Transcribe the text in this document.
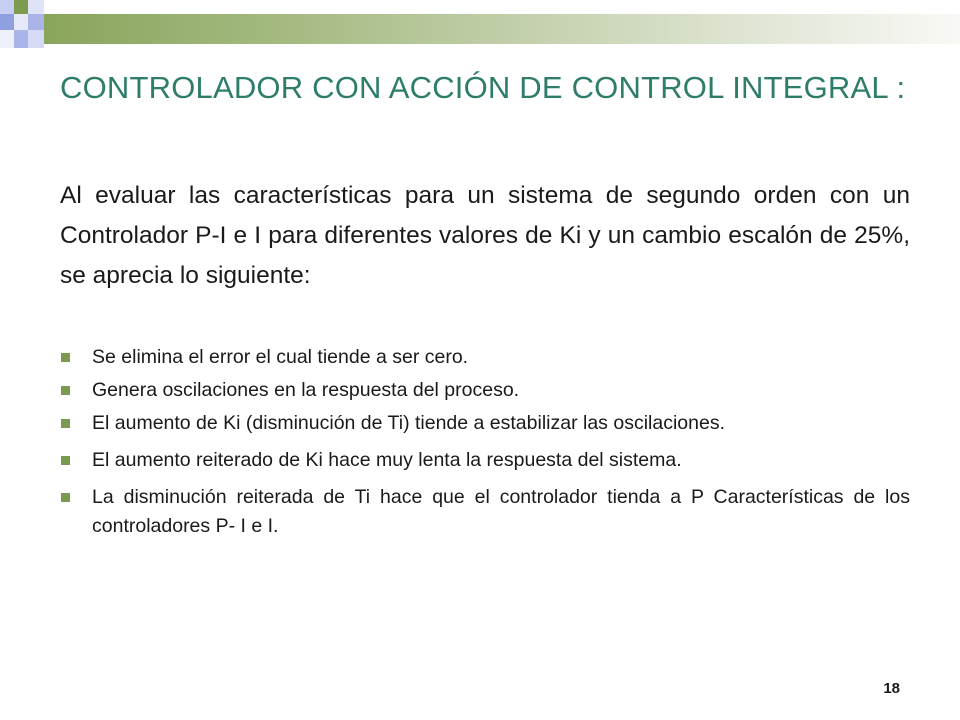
CONTROLADOR CON ACCIÓN DE CONTROL INTEGRAL :

Al evaluar las características para un sistema de segundo orden con un Controlador P-I e I para diferentes valores de Ki y un cambio escalón de 25%, se aprecia lo siguiente:

Se elimina el error el cual tiende a ser cero.
Genera oscilaciones en la respuesta del proceso.
El aumento de Ki (disminución de Ti) tiende a estabilizar las oscilaciones.
El aumento reiterado de Ki hace muy lenta la respuesta del sistema.
La disminución reiterada de Ti hace que el controlador tienda a P Características de los controladores P- I e I.
18
